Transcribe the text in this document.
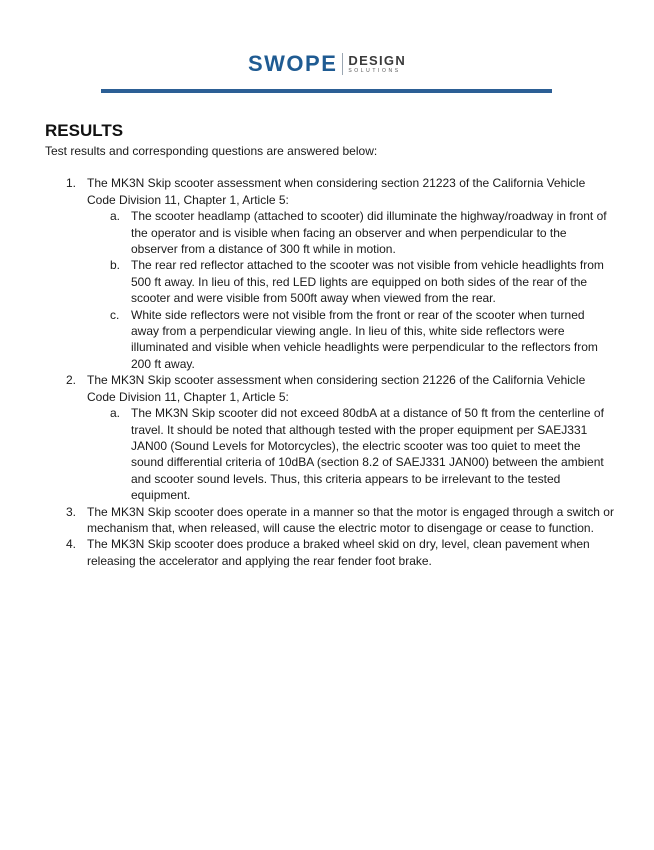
SWOPE DESIGN
SOLUTIONS
RESULTS

Test results and corresponding questions are answered below:

1. The MK3N Skip scooter assessment when considering section 21223 of the California Vehicle Code Division 11, Chapter 1, Article 5:
a. The scooter headlamp (attached to scooter) did illuminate the highway/roadway in front of the operator and is visible when facing an observer and when perpendicular to the observer from a distance of 300 ft while in motion.
b. The rear red reflector attached to the scooter was not visible from vehicle headlights from 500 ft away. In lieu of this, red LED lights are equipped on both sides of the rear of the scooter and were visible from 500ft away when viewed from the rear.
c. White side reflectors were not visible from the front or rear of the scooter when turned away from a perpendicular viewing angle. In lieu of this, white side reflectors were illuminated and visible when vehicle headlights were perpendicular to the reflectors from 200 ft away.
2. The MK3N Skip scooter assessment when considering section 21226 of the California Vehicle Code Division 11, Chapter 1, Article 5:
a. The MK3N Skip scooter did not exceed 80dbA at a distance of 50 ft from the centerline of travel. It should be noted that although tested with the proper equipment per SAEJ331 JAN00 (Sound Levels for Motorcycles), the electric scooter was too quiet to meet the sound differential criteria of 10dBA (section 8.2 of SAEJ331 JAN00) between the ambient and scooter sound levels. Thus, this criteria appears to be irrelevant to the tested equipment.
3. The MK3N Skip scooter does operate in a manner so that the motor is engaged through a switch or mechanism that, when released, will cause the electric motor to disengage or cease to function.
4. The MK3N Skip scooter does produce a braked wheel skid on dry, level, clean pavement when releasing the accelerator and applying the rear fender foot brake.
